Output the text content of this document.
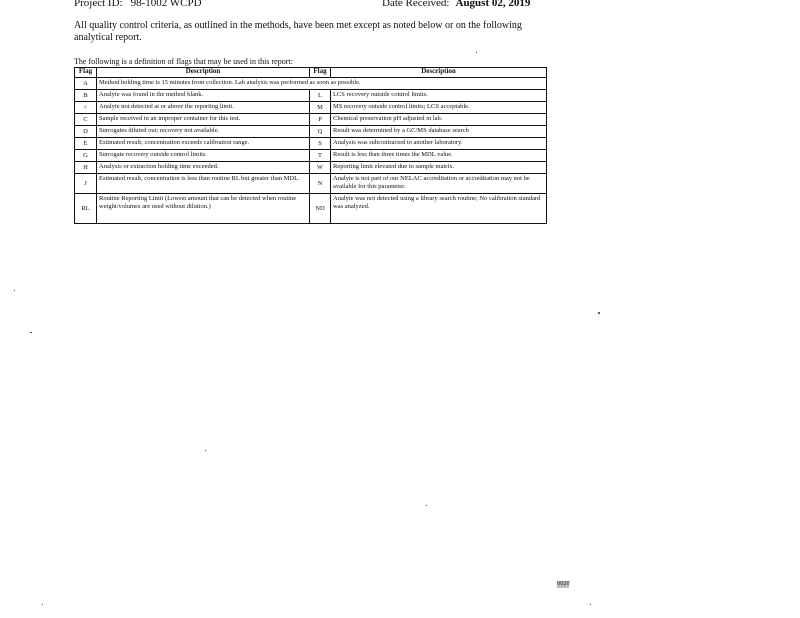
Project ID: 98-1002 WCPD	Date Received: August 02, 2019
All quality control criteria, as outlined in the methods, have been met except as noted below or on the following analytical report.
The following is a definition of flags that may be used in this report:
Flag	Description	Flag	Description
A	Method holding time is 15 minutes from collection. Lab analysis was performed as soon as possible.		
B	Analyte was found in the method blank.	L	LCS recovery outside control limits.
<	Analyte not detected at or above the reporting limit.	M	MS recovery outside control limits; LCS acceptable.
C	Sample received in an improper container for this test.	P	Chemical preservation pH adjusted in lab.
D	Surrogates diluted out; recovery not available.	Q	Result was determined by a GC/MS database search
E	Estimated result; concentration exceeds calibration range.	S	Analysis was subcontracted to another laboratory.
G	Surrogate recovery outside control limits	T	Result is less than three times the MDL value.
H	Analysis or extraction holding time exceeded.	W	Reporting limit elevated due to sample matrix.
J	Estimated result, concentration is less than routine RL but greater than MDL.	N	Analyte is not part of our NELAC accreditation or accreditation may not be available for this parameter.
RL	Routine Reporting Limit (Lowest amount that can be detected when routine weight/volumes are used without dilution.)	ND	Analyte was not detected using a library search routine; No calibration standard was analyzed.
0020
